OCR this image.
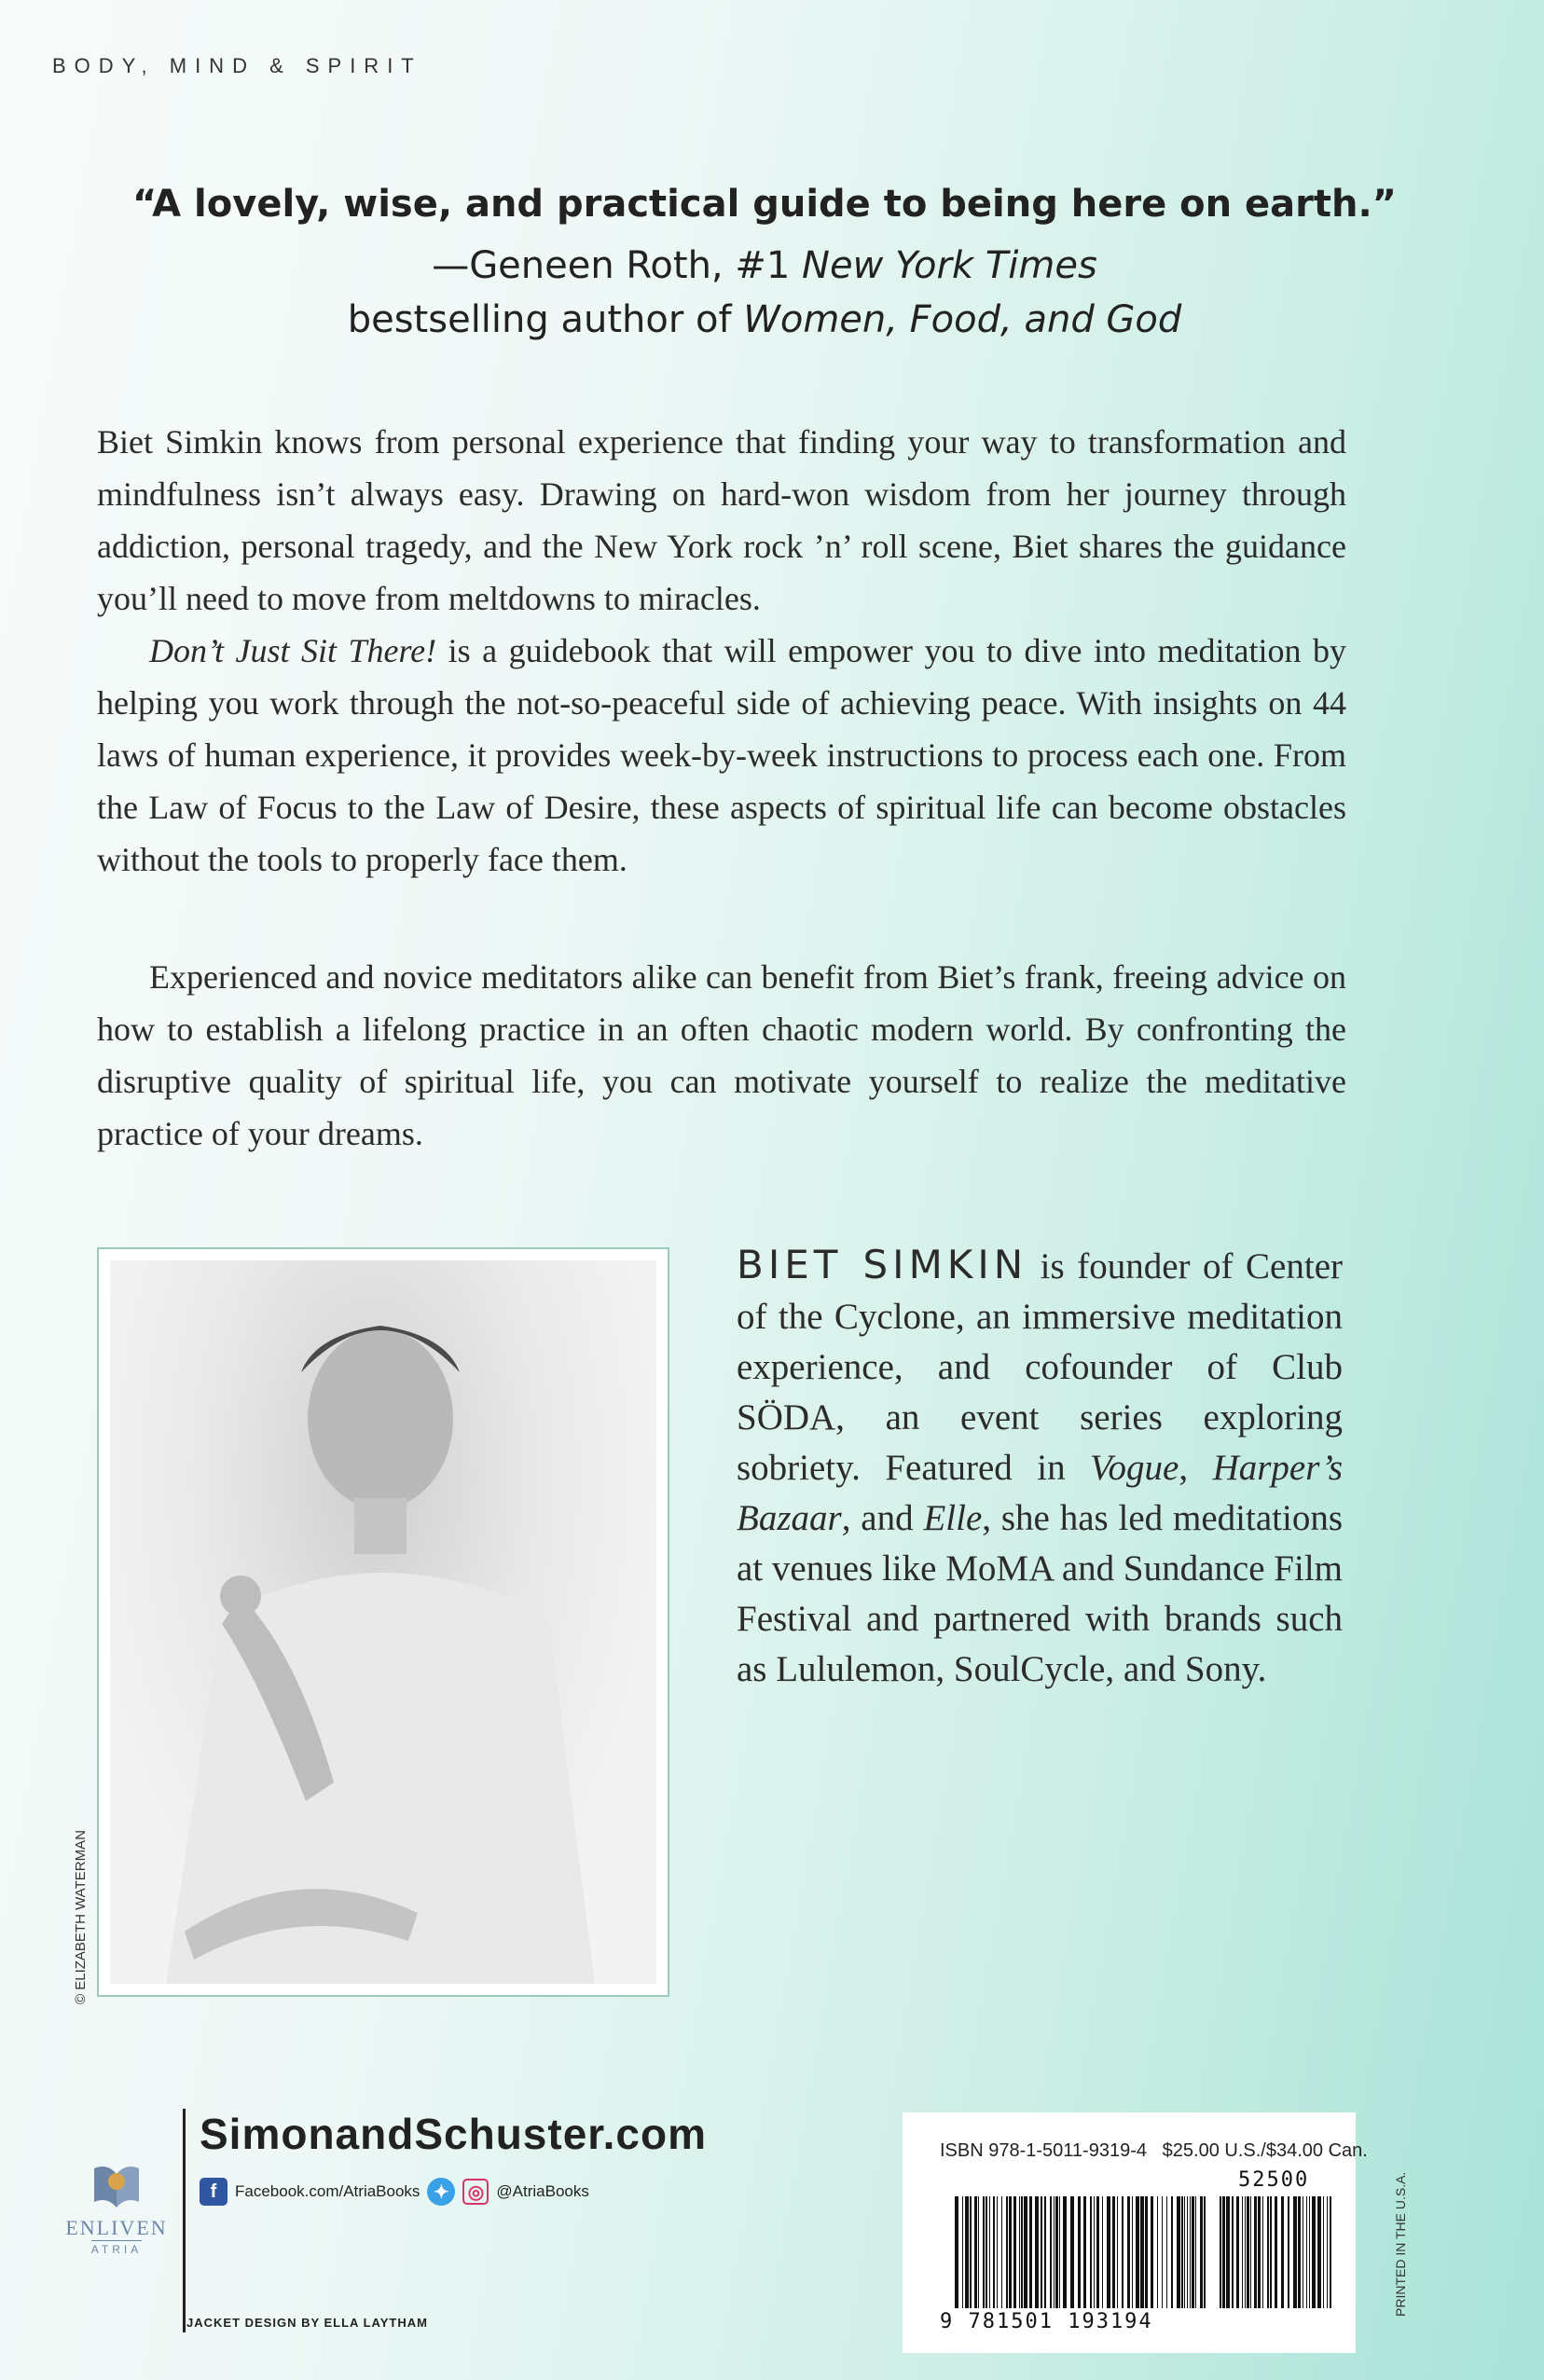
BODY, MIND & SPIRIT
“A lovely, wise, and practical guide to being here on earth.”
—Geneen Roth, #1 New York Times
bestselling author of Women, Food, and God

Biet Simkin knows from personal experience that finding your way to transformation and mindfulness isn’t always easy. Drawing on hard-won wisdom from her journey through addiction, personal tragedy, and the New York rock ’n’ roll scene, Biet shares the guidance you’ll need to move from meltdowns to miracles.

Don’t Just Sit There! is a guidebook that will empower you to dive into meditation by helping you work through the not-so-peaceful side of achieving peace. With insights on 44 laws of human experience, it provides week-by-week instructions to process each one. From the Law of Focus to the Law of Desire, these aspects of spiritual life can become obstacles without the tools to properly face them.

Experienced and novice meditators alike can benefit from Biet’s frank, freeing advice on how to establish a lifelong practice in an often chaotic modern world. By confronting the disruptive quality of spiritual life, you can motivate yourself to realize the meditative practice of your dreams.

© ELIZABETH WATERMAN
BIET SIMKIN is founder of Center of the Cyclone, an immersive meditation experience, and cofounder of Club SÖDA, an event series exploring sobriety. Featured in Vogue, Harper’s Bazaar, and Elle, she has led meditations at venues like MoMA and Sundance Film Festival and partnered with brands such as Lululemon, SoulCycle, and Sony.
ENLIVEN
ATRIA
SimonandSchuster.com
f	Facebook.com/AtriaBooks ✦ ◎ @AtriaBooks
JACKET DESIGN BY ELLA LAYTHAM
ISBN 978-1-5011-9319-4 $25.00 U.S./$34.00 Can.
52500
9 781501 193194
PRINTED IN THE U.S.A.
